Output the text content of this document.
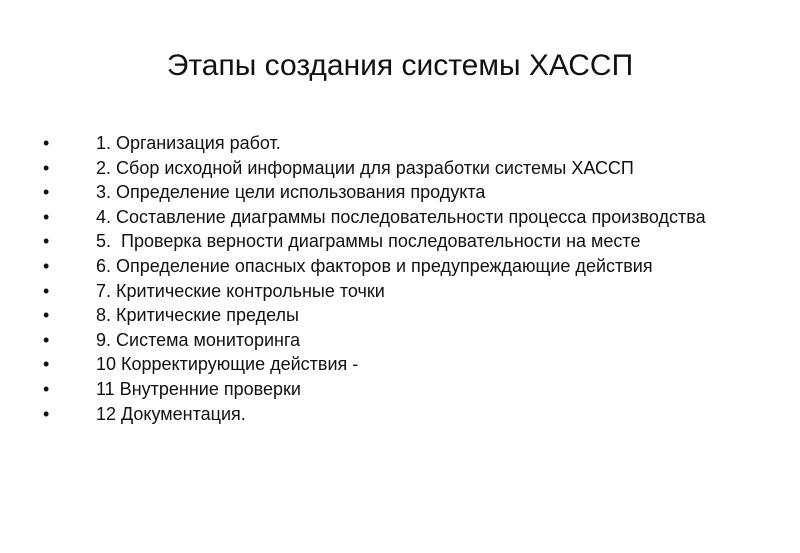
Этапы создания системы ХАССП
•	1. Организация работ.
•	2. Сбор исходной информации для разработки системы ХАССП
•	3. Определение цели использования продукта
•	4. Составление диаграммы последовательности процесса производства
•	5.  Проверка верности диаграммы последовательности на месте
•	6. Определение опасных факторов и предупреждающие действия
•	7. Критические контрольные точки
•	8. Критические пределы
•	9. Система мониторинга
•	10 Корректирующие действия -
•	11 Внутренние проверки
•	12 Документация.
